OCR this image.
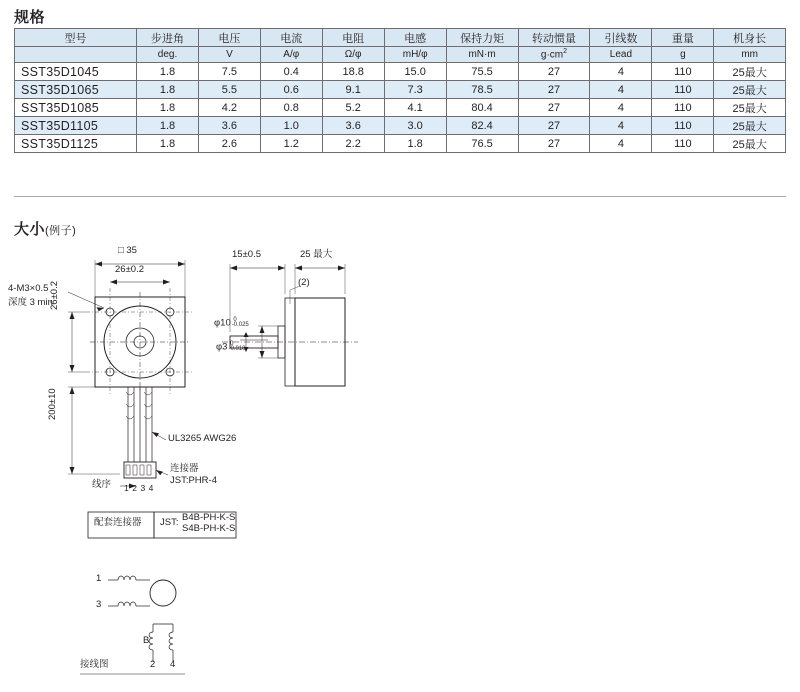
规格
大小(例子)
型号	步进角	电压	电流	电阻	电感	保持力矩	转动惯量	引线数	重量	机身长
	deg.	V	A/φ	Ω/φ	mH/φ	mN·m	$g\cdot cm^2$	Lead	g	mm
SST35D1045	1.8	7.5	0.4	18.8	15.0	75.5	27	4	110	25最大
SST35D1065	1.8	5.5	0.6	9.1	7.3	78.5	27	4	110	25最大
SST35D1085	1.8	4.2	0.8	5.2	4.1	80.4	27	4	110	25最大
SST35D1105	1.8	3.6	1.0	3.6	3.0	82.4	27	4	110	25最大
SST35D1125	1.8	2.6	1.2	2.2	1.8	76.5	27	4	110	25最大
□ 35
26±0.2
26±0.2
4-M3×0.5
深度 3 min
15±0.5	25 最大
(2)
φ10 0
-0.025
φ3 0
-0.010
200±10
UL3265 AWG26
连接器
JST:PHR-4
线序 1234
配套连接器 JST: B4B-PH-K-S
S4B-PH-K-S
1
3
B
2 4
接线图
